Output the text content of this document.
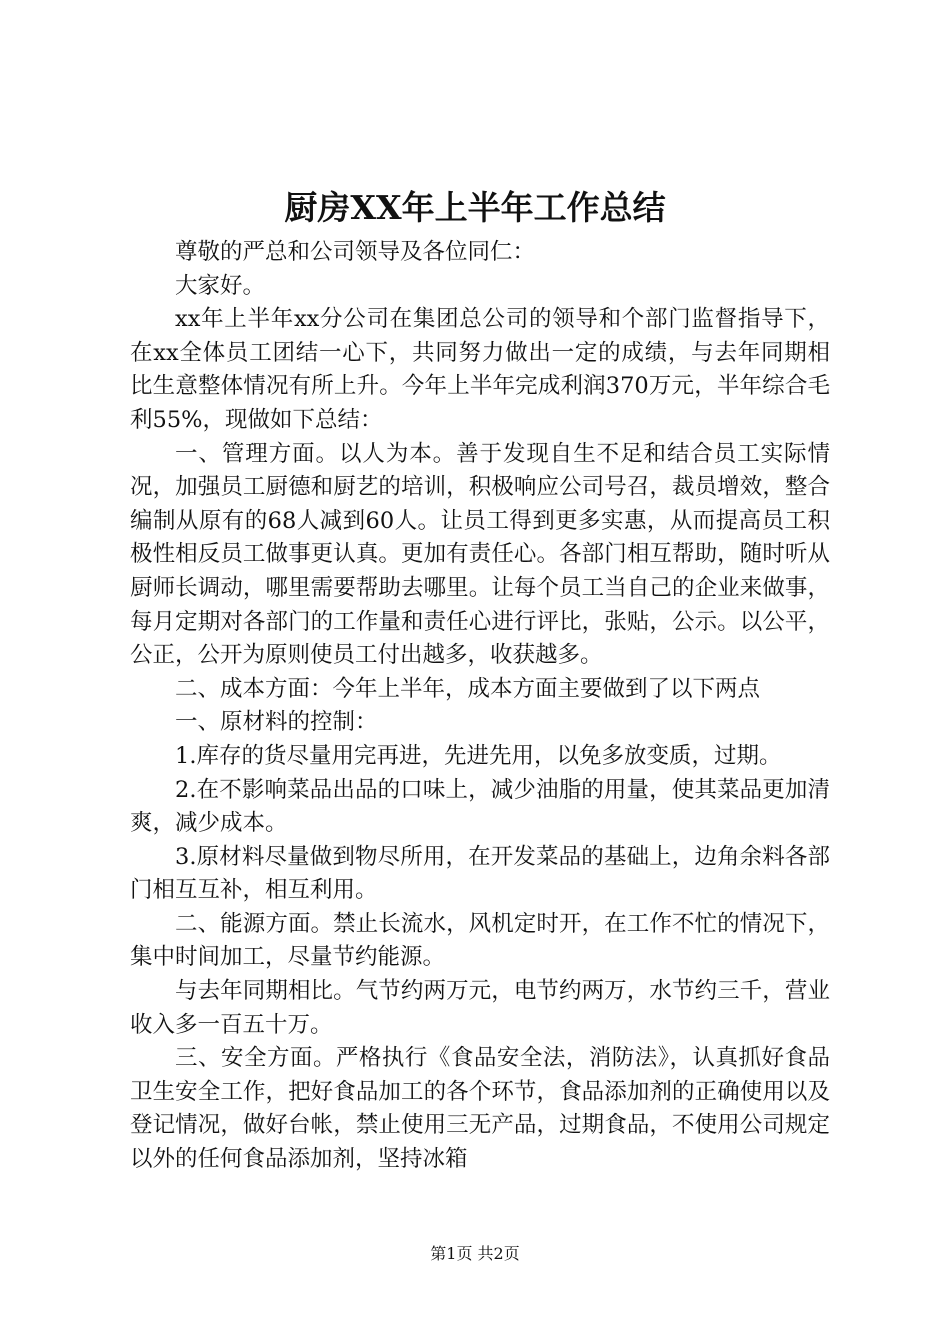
厨房XX年上半年工作总结

尊敬的严总和公司领导及各位同仁：

大家好。

xx年上半年xx分公司在集团总公司的领导和个部门监督指导下，在xx全体员工团结一心下，共同努力做出一定的成绩，与去年同期相比生意整体情况有所上升。今年上半年完成利润370万元，半年综合毛利55%，现做如下总结：

一、管理方面。以人为本。善于发现自生不足和结合员工实际情况，加强员工厨德和厨艺的培训，积极响应公司号召，裁员增效，整合编制从原有的68人减到60人。让员工得到更多实惠，从而提高员工积极性相反员工做事更认真。更加有责任心。各部门相互帮助，随时听从厨师长调动，哪里需要帮助去哪里。让每个员工当自己的企业来做事，每月定期对各部门的工作量和责任心进行评比，张贴，公示。以公平，公正，公开为原则使员工付出越多，收获越多。

二、成本方面：今年上半年，成本方面主要做到了以下两点

一、原材料的控制：

1.库存的货尽量用完再进，先进先用，以免多放变质，过期。

2.在不影响菜品出品的口味上，减少油脂的用量，使其菜品更加清爽，减少成本。

3.原材料尽量做到物尽所用，在开发菜品的基础上，边角余料各部门相互互补，相互利用。

二、能源方面。禁止长流水，风机定时开，在工作不忙的情况下，集中时间加工，尽量节约能源。

与去年同期相比。气节约两万元，电节约两万，水节约三千，营业收入多一百五十万。

三、安全方面。严格执行《食品安全法，消防法》，认真抓好食品卫生安全工作，把好食品加工的各个环节，食品添加剂的正确使用以及登记情况，做好台帐，禁止使用三无产品，过期食品，不使用公司规定以外的任何食品添加剂，坚持冰箱

第1页 共2页
